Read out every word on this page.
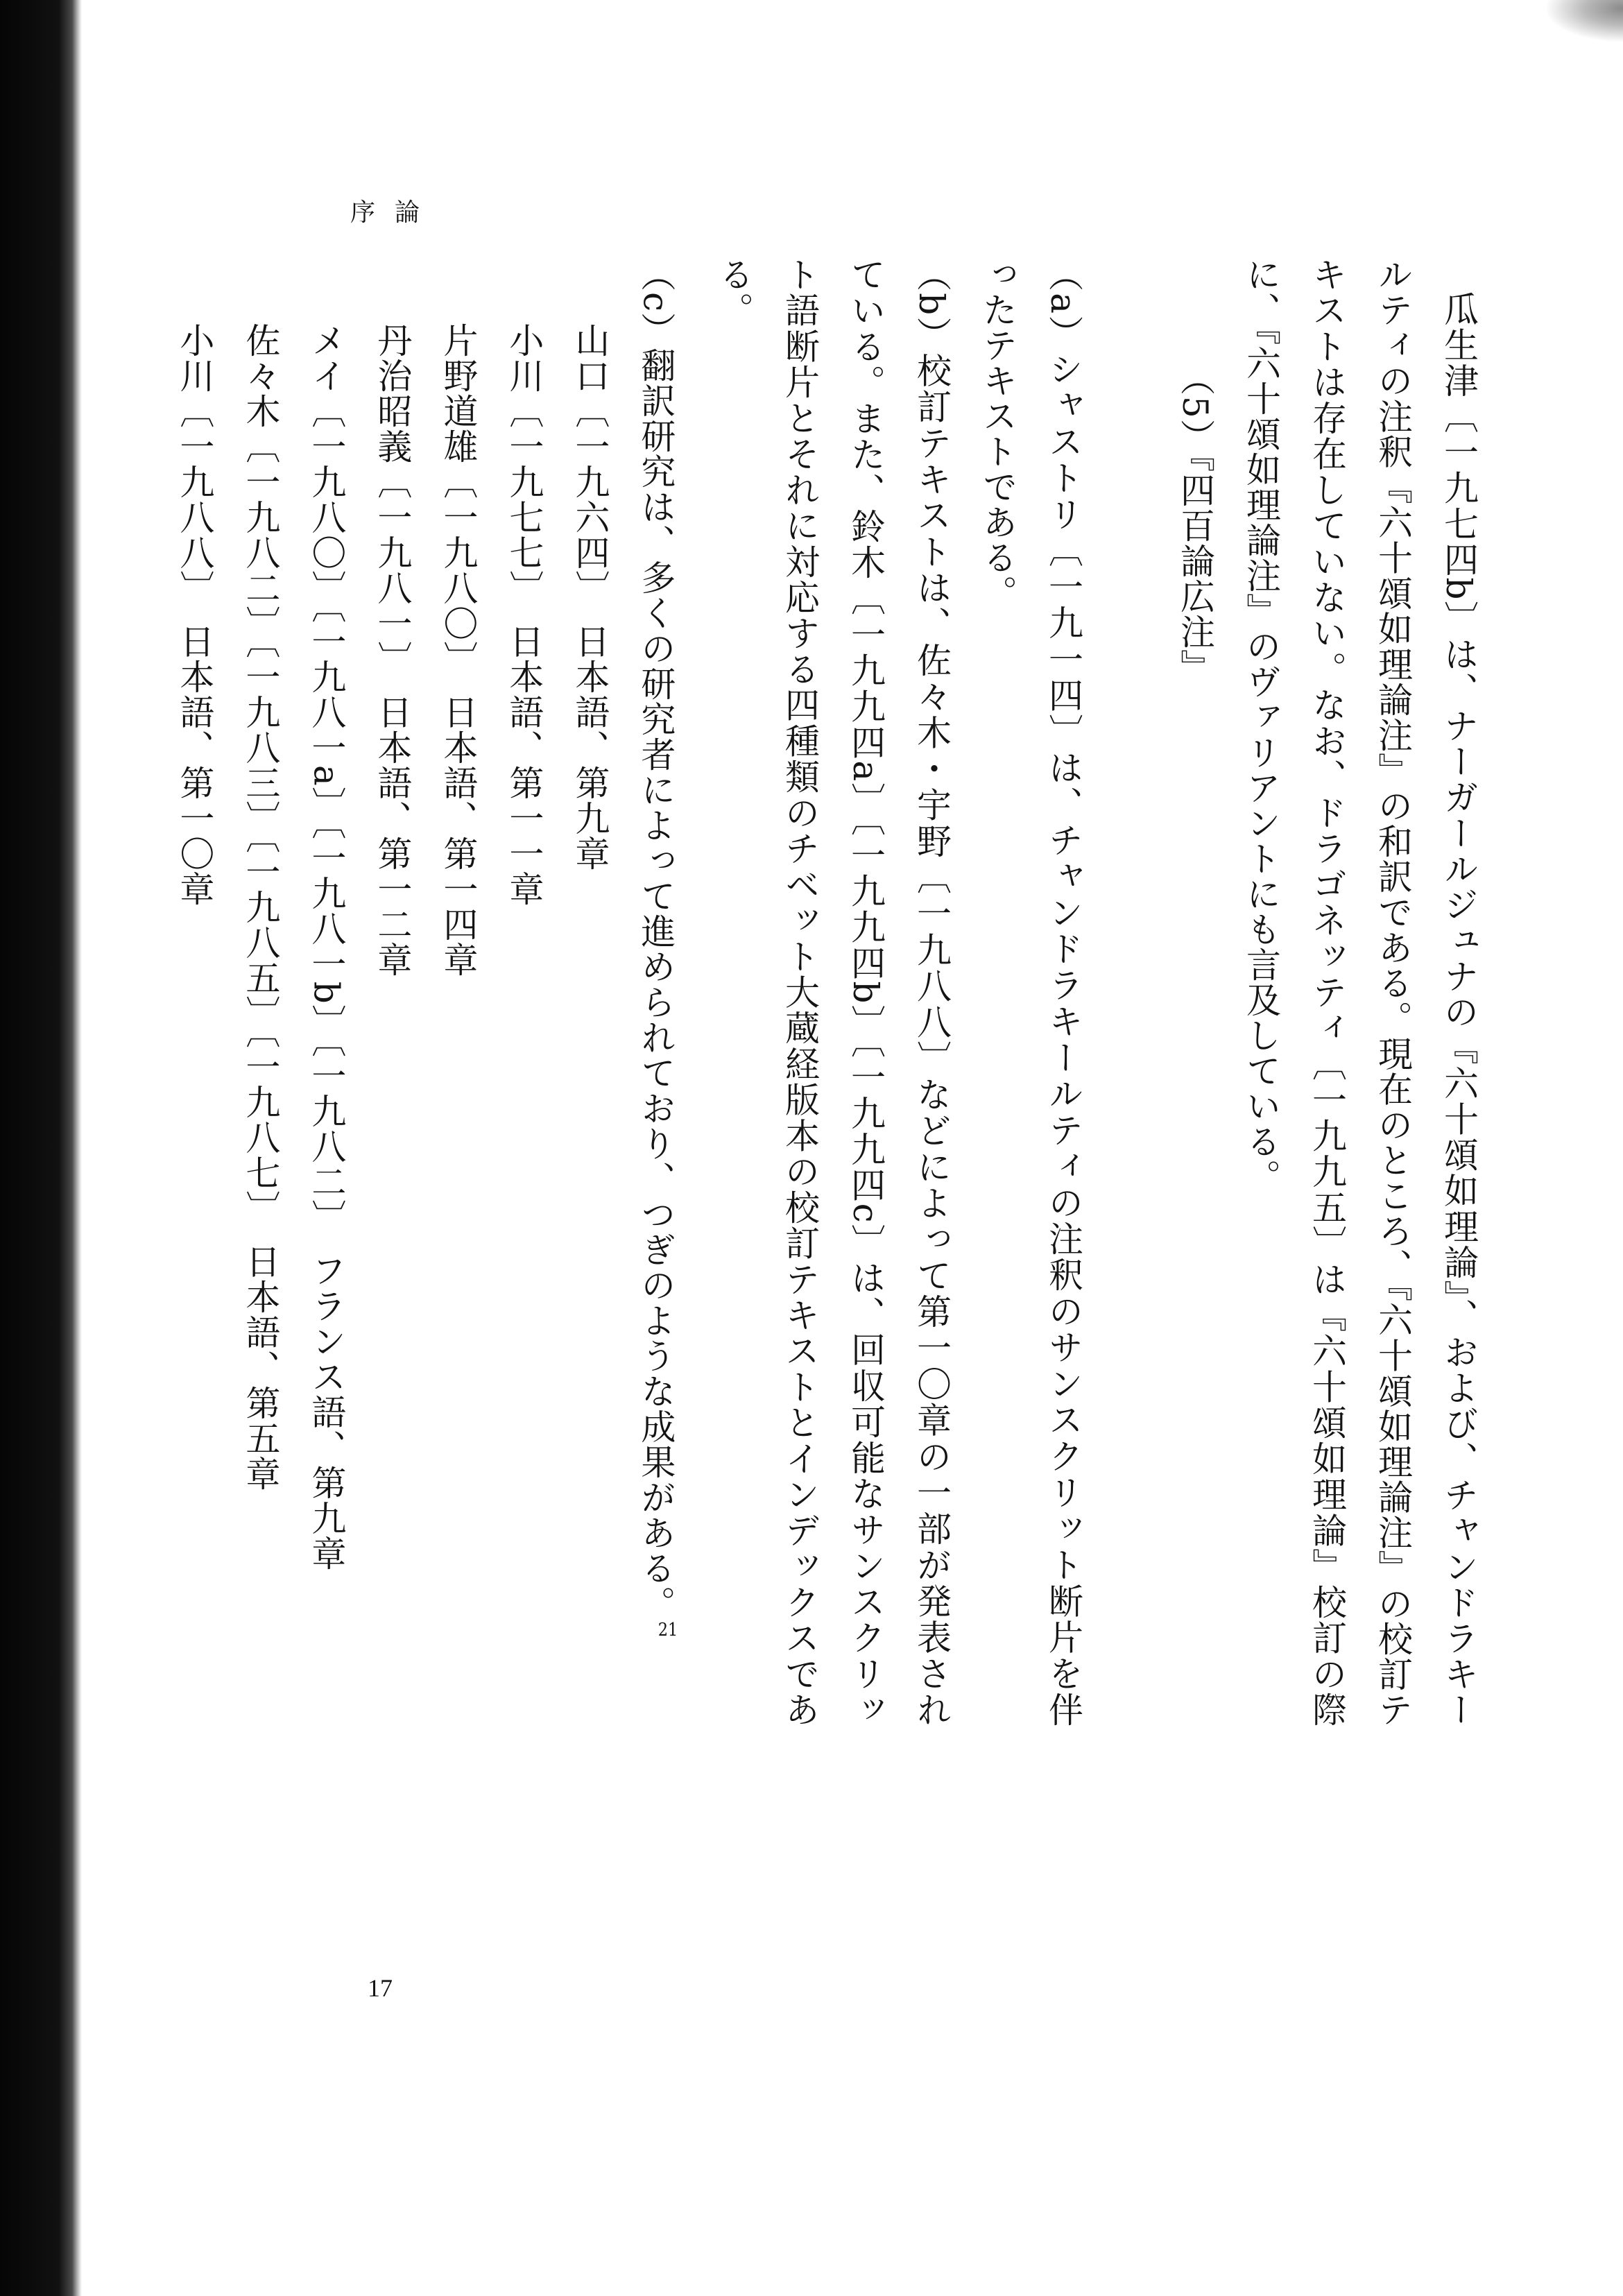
序論

瓜生津〔一九七四b〕は、ナーガールジュナの『六十頌如理論』、および、チャンドラキールティの注釈『六十頌如理論注』の和訳である。現在のところ、『六十頌如理論注』の校訂テキストは存在していない。なお、ドラゴネッティ〔一九九五〕は『六十頌如理論』校訂の際に、『六十頌如理論注』のヴァリアントにも言及している。

（5）『四百論広注』

（a）シャストリ〔一九一四〕は、チャンドラキールティの注釈のサンスクリット断片を伴ったテキストである。

（b）校訂テキストは、佐々木・宇野〔一九八八〕などによって第一〇章の一部が発表されている。また、鈴木〔一九九四a〕〔一九九四b〕〔一九九四c〕は、回収可能なサンスクリット語断片とそれに対応する四種類のチベット大蔵経版本の校訂テキストとインデックスである。

（c）翻訳研究は、多くの研究者によって進められており、つぎのような成果がある。$^{21}$

山口〔一九六四〕　日本語、第九章

小川〔一九七七〕　日本語、第一一章

片野道雄〔一九八〇〕　日本語、第一四章

丹治昭義〔一九八一〕　日本語、第一二章

メイ〔一九八〇〕〔一九八一a〕〔一九八一b〕〔一九八二〕　フランス語、第九章

佐々木〔一九八二〕〔一九八三〕〔一九八五〕〔一九八七〕　日本語、第五章

小川〔一九八八〕　日本語、第一〇章

17
